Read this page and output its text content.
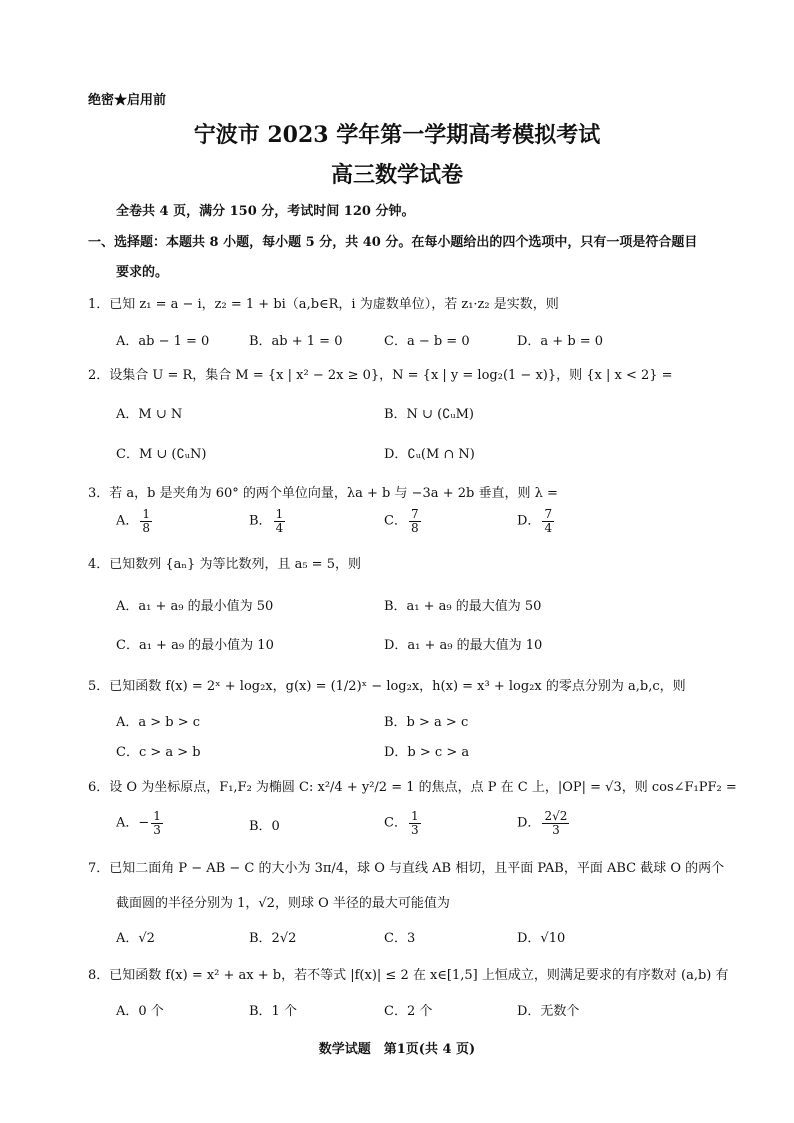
绝密★启用前
宁波市 2023 学年第一学期高考模拟考试
高三数学试卷
全卷共 4 页，满分 150 分，考试时间 120 分钟。
一、选择题：本题共 8 小题，每小题 5 分，共 40 分。在每小题给出的四个选项中，只有一项是符合题目
要求的。
1．已知 z₁ = a − i，z₂ = 1 + bi（a,b∈R，i 为虚数单位），若 z₁·z₂ 是实数，则
A．ab − 1 = 0	B．ab + 1 = 0	C．a − b = 0	D．a + b = 0
2．设集合 U = R，集合 M = {x | x² − 2x ≥ 0}，N = {x | y = log₂(1 − x)}，则 {x | x < 2} =
A．M ∪ N	B．N ∪ (∁ᵤM)
C．M ∪ (∁ᵤN)	D．∁ᵤ(M ∩ N)
3．若 a，b 是夹角为 60° 的两个单位向量，λa + b 与 −3a + 2b 垂直，则 λ =
A． $\frac{1}{8}$	B． $\frac{1}{4}$	C． $\frac{7}{8}$	D． $\frac{7}{4}$
4．已知数列 {aₙ} 为等比数列，且 a₅ = 5，则
A．a₁ + a₉ 的最小值为 50	B．a₁ + a₉ 的最大值为 50
C．a₁ + a₉ 的最小值为 10	D．a₁ + a₉ 的最大值为 10
5．已知函数 f(x) = 2ˣ + log₂x，g(x) = (1/2)ˣ − log₂x，h(x) = x³ + log₂x 的零点分别为 a,b,c，则
A．a > b > c	B．b > a > c
C．c > a > b	D．b > c > a
6．设 O 为坐标原点，F₁,F₂ 为椭圆 C: x²/4 + y²/2 = 1 的焦点，点 P 在 C 上，|OP| = √3，则 cos∠F₁PF₂ =
A．− $\frac{1}{3}$	B．0	C． $\frac{1}{3}$	D． $\frac{2√2}{3}$
7．已知二面角 P − AB − C 的大小为 3π/4，球 O 与直线 AB 相切，且平面 PAB，平面 ABC 截球 O 的两个
截面圆的半径分别为 1，√2，则球 O 半径的最大可能值为
A．√2	B．2√2	C．3	D．√10
8．已知函数 f(x) = x² + ax + b，若不等式 |f(x)| ≤ 2 在 x∈[1,5] 上恒成立，则满足要求的有序数对 (a,b) 有
A．0 个	B．1 个	C．2 个	D．无数个
数学试题　第1页(共 4 页)
